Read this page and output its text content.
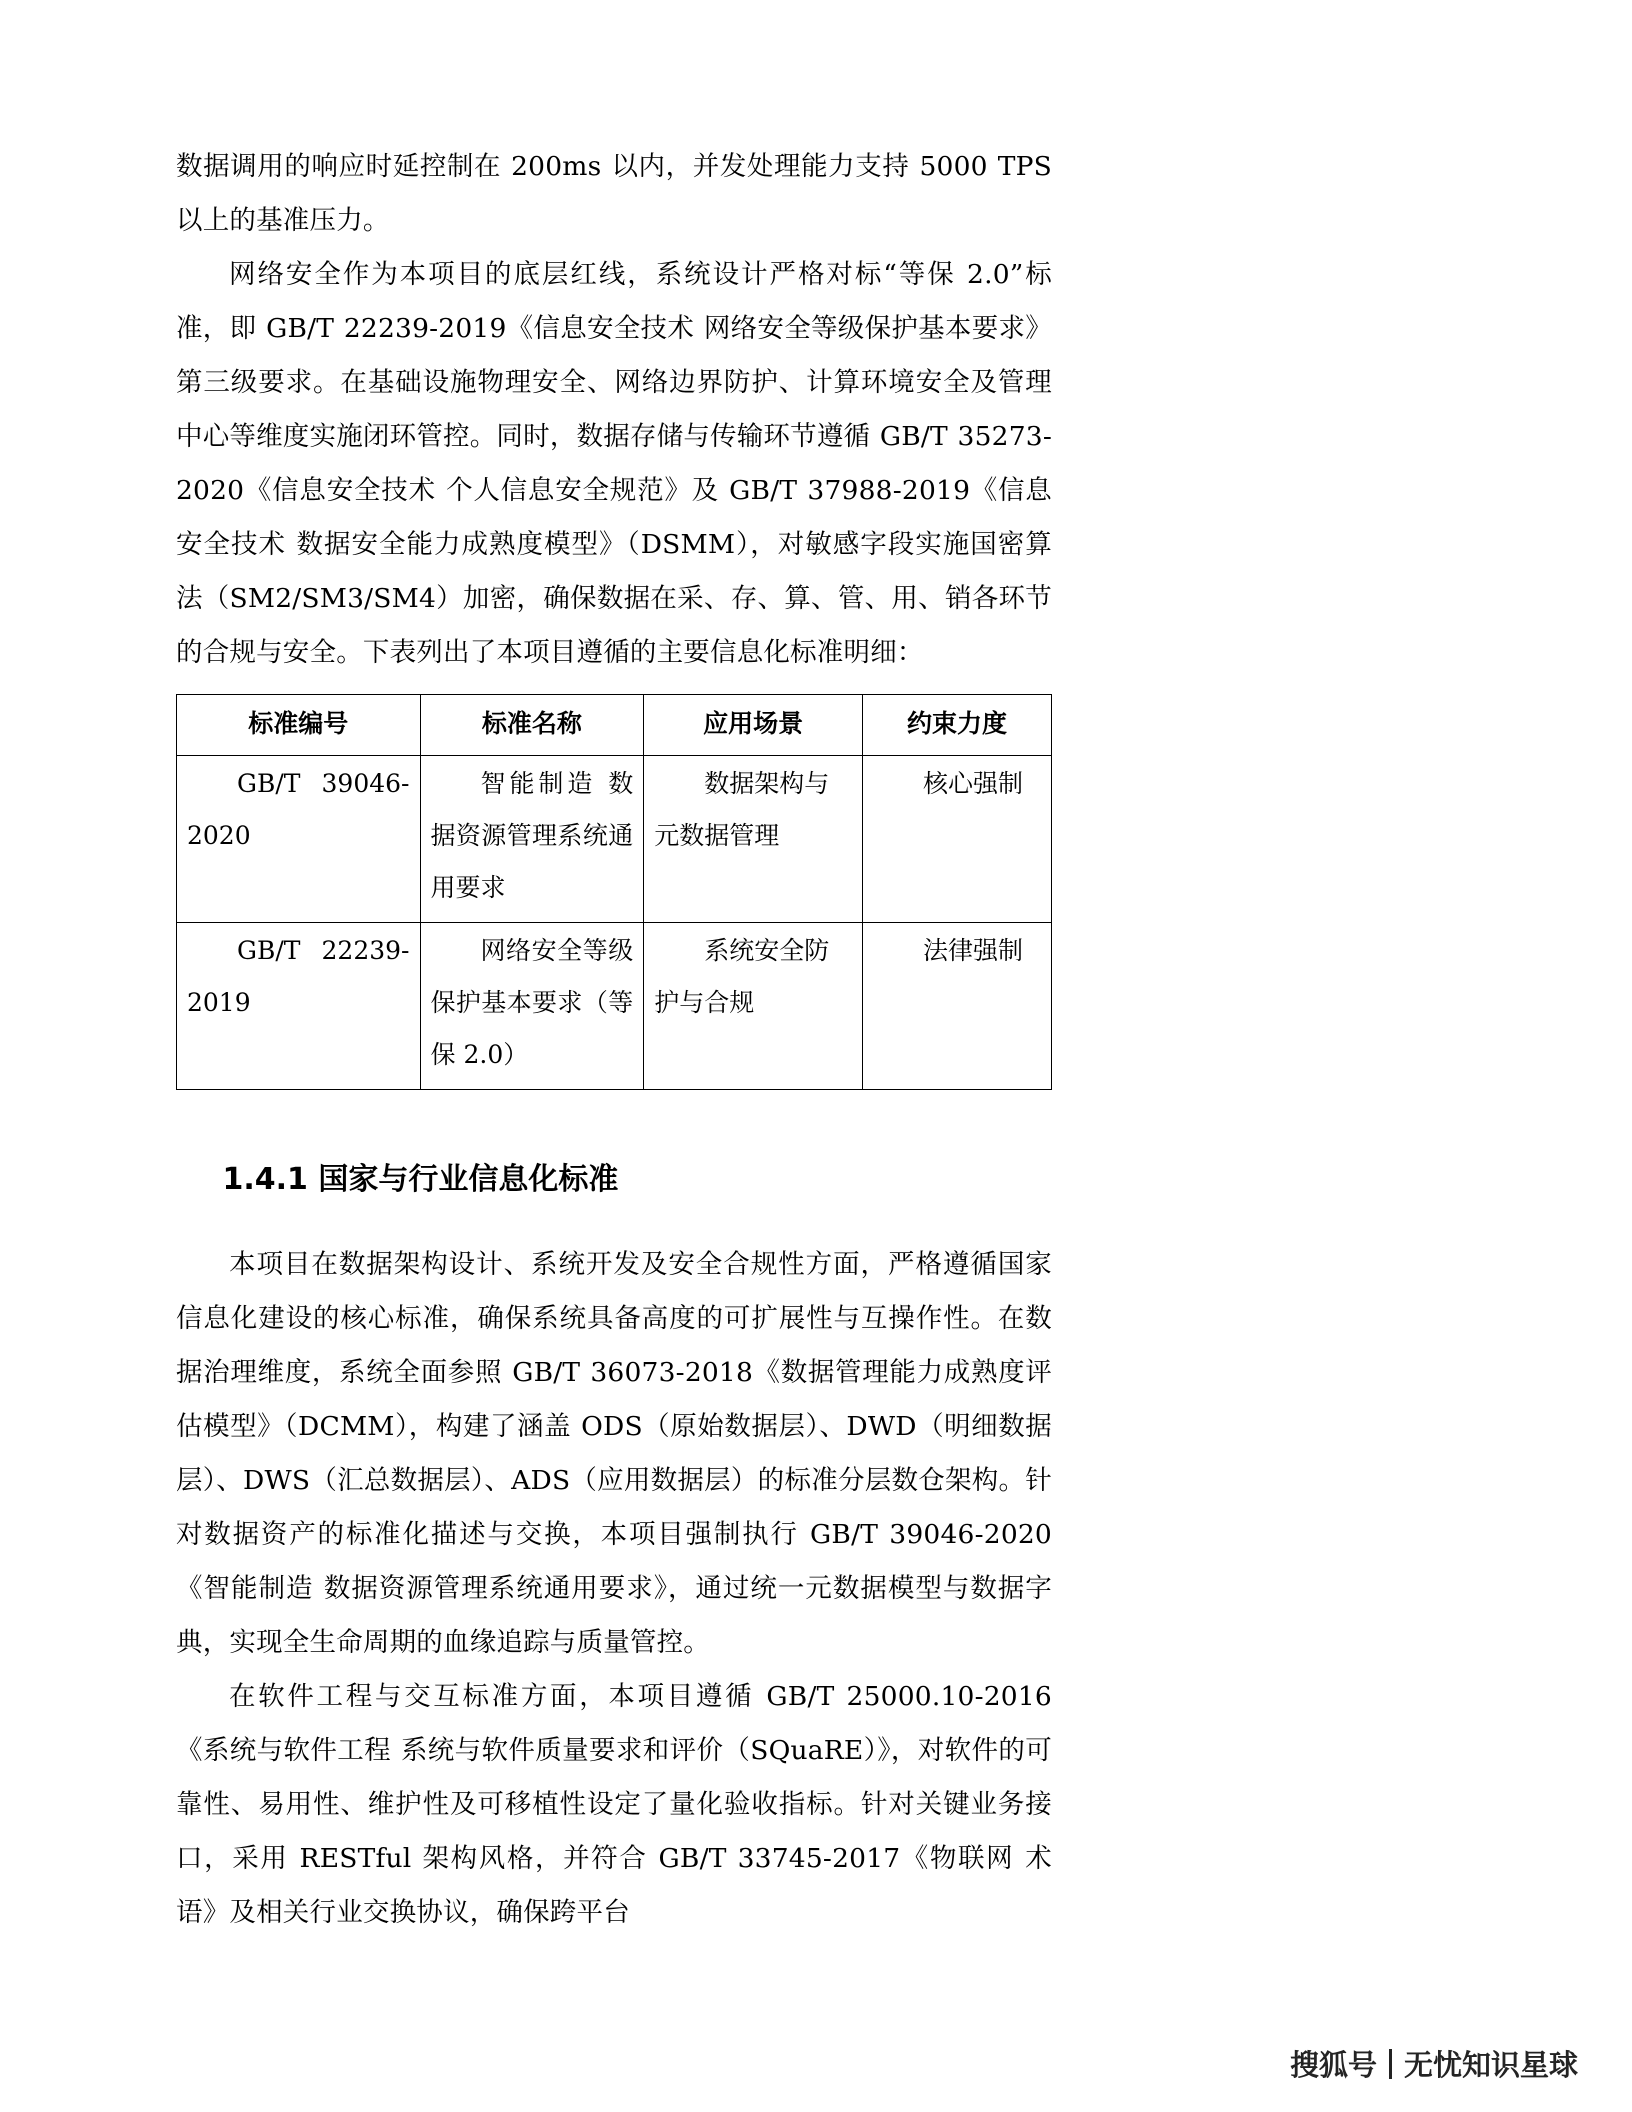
数据调用的响应时延控制在 200ms 以内，并发处理能力支持 5000 TPS 以上的基准压力。

网络安全作为本项目的底层红线，系统设计严格对标“等保 2.0”标准，即 GB/T 22239-2019《信息安全技术 网络安全等级保护基本要求》第三级要求。在基础设施物理安全、网络边界防护、计算环境安全及管理中心等维度实施闭环管控。同时，数据存储与传输环节遵循 GB/T 35273-2020《信息安全技术 个人信息安全规范》及 GB/T 37988-2019《信息安全技术 数据安全能力成熟度模型》（DSMM），对敏感字段实施国密算法（SM2/SM3/SM4）加密，确保数据在采、存、算、管、用、销各环节的合规与安全。下表列出了本项目遵循的主要信息化标准明细：

标准编号	标准名称	应用场景	约束力度
GB/T 39046-2020	智能制造 数据资源管理系统通用要求	数据架构与元数据管理	核心强制
GB/T 22239-2019	网络安全等级保护基本要求（等保 2.0）	系统安全防护与合规	法律强制
1.4.1 国家与行业信息化标准

本项目在数据架构设计、系统开发及安全合规性方面，严格遵循国家信息化建设的核心标准，确保系统具备高度的可扩展性与互操作性。在数据治理维度，系统全面参照 GB/T 36073-2018《数据管理能力成熟度评估模型》（DCMM），构建了涵盖 ODS（原始数据层）、DWD（明细数据层）、DWS（汇总数据层）、ADS（应用数据层）的标准分层数仓架构。针对数据资产的标准化描述与交换，本项目强制执行 GB/T 39046-2020《智能制造 数据资源管理系统通用要求》，通过统一元数据模型与数据字典，实现全生命周期的血缘追踪与质量管控。

在软件工程与交互标准方面，本项目遵循 GB/T 25000.10-2016《系统与软件工程 系统与软件质量要求和评价（SQuaRE）》，对软件的可靠性、易用性、维护性及可移植性设定了量化验收指标。针对关键业务接口，采用 RESTful 架构风格，并符合 GB/T 33745-2017《物联网 术语》及相关行业交换协议，确保跨平台

搜狐号 无忧知识星球
